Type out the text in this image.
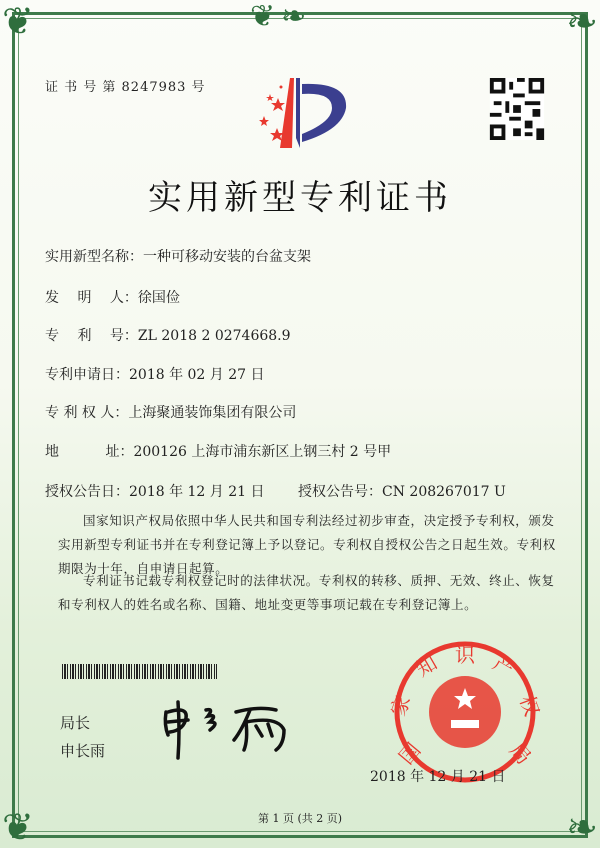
❦❧
❦	❧
❦	❧
证 书 号 第 8247983 号
实用新型专利证书
实用新型名称：一种可移动安装的台盆支架
发　 明　 人：徐国俭
专　 利　 号：ZL 2018 2 0274668.9
专利申请日：2018 年 02 月 27 日
专 利 权 人：上海聚通装饰集团有限公司
地　　　 址：200126 上海市浦东新区上钢三村 2 号甲
授权公告日：2018 年 12 月 21 日 授权公告号：CN 208267017 U

国家知识产权局依照中华人民共和国专利法经过初步审查，决定授予专利权，颁发实用新型专利证书并在专利登记簿上予以登记。专利权自授权公告之日起生效。专利权期限为十年，自申请日起算。

专利证书记载专利权登记时的法律状况。专利权的转移、质押、无效、终止、恢复和专利权人的姓名或名称、国籍、地址变更等事项记载在专利登记簿上。

局长
申长雨	国
家
知 识 产
权
局
2018 年 12 月 21 日
第 1 页 (共 2 页)
